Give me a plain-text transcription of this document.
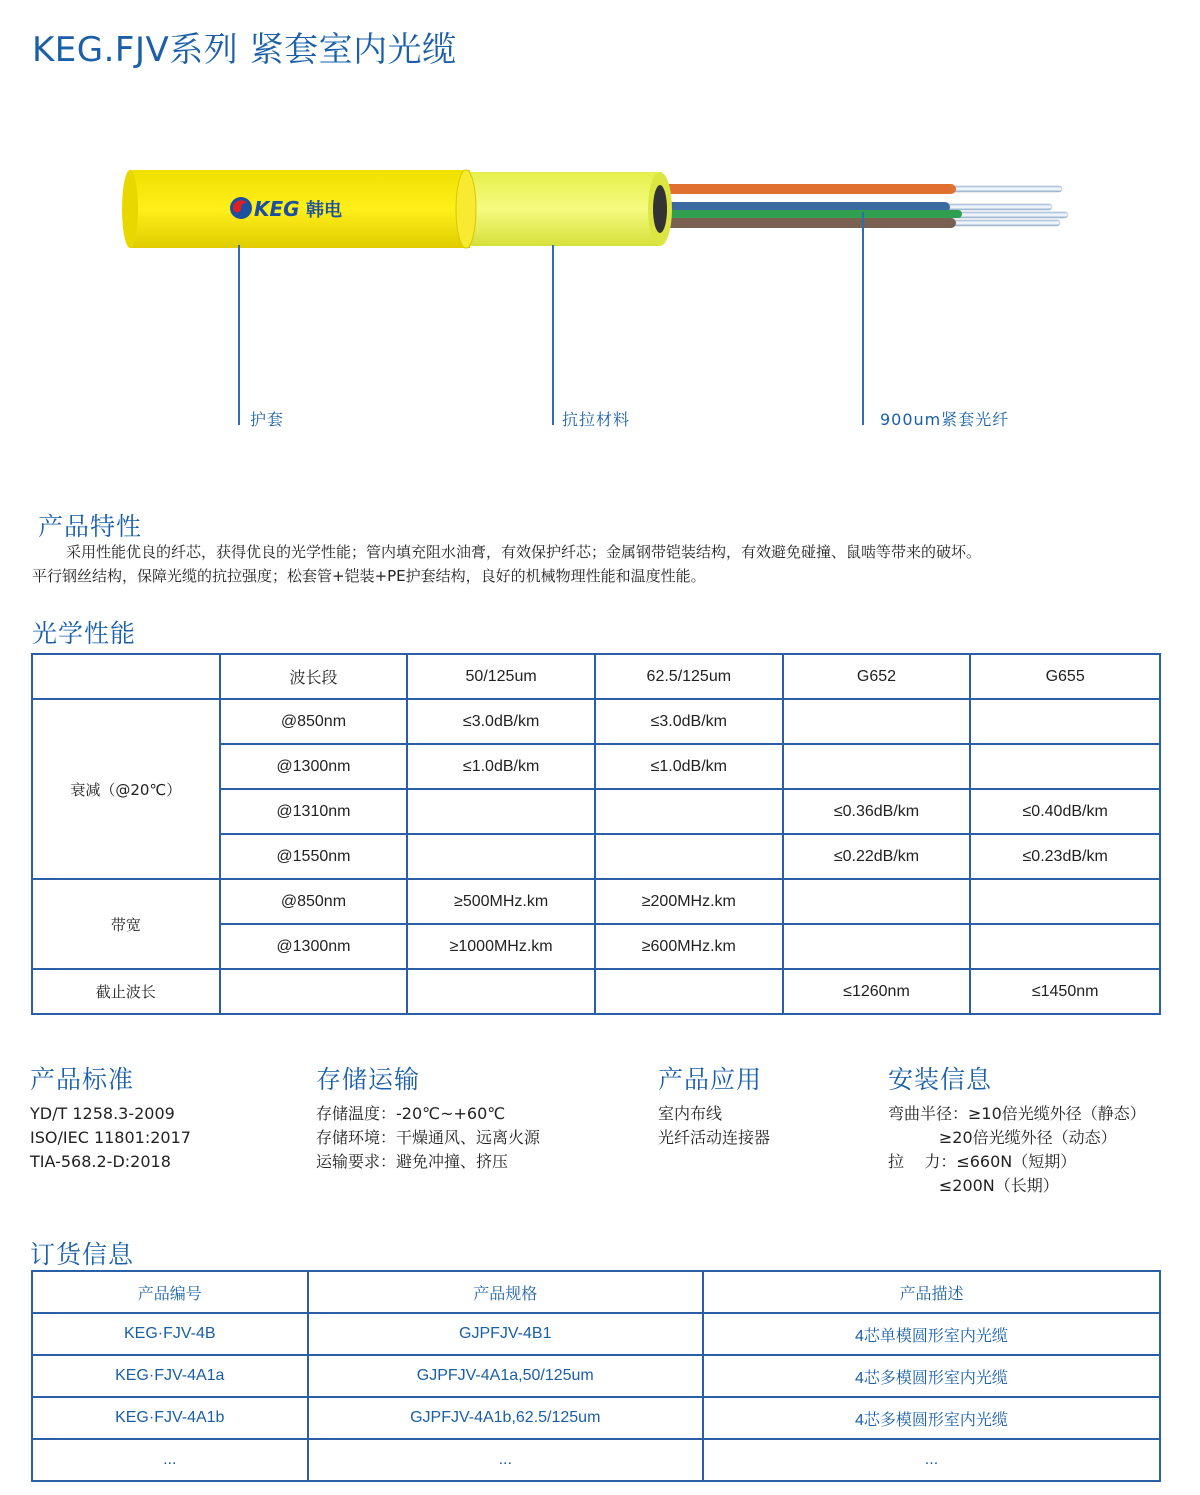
KEG.FJV系列 紧套室内光缆
KEG 韩电
护套	抗拉材料	900um紧套光纤
产品特性

采用性能优良的纤芯，获得优良的光学性能；管内填充阻水油膏，有效保护纤芯；金属钢带铠装结构，有效避免碰撞、鼠啮等带来的破坏。

平行钢丝结构，保障光缆的抗拉强度；松套管+铠装+PE护套结构，良好的机械物理性能和温度性能。

光学性能
	波长段	50/125um	62.5/125um	G652	G655
衰减（@20℃）	@850nm	≤3.0dB/km	≤3.0dB/km		
	@1300nm	≤1.0dB/km	≤1.0dB/km		
	@1310nm			≤0.36dB/km	≤0.40dB/km
	@1550nm			≤0.22dB/km	≤0.23dB/km
带宽	@850nm	≥500MHz.km	≥200MHz.km		
	@1300nm	≥1000MHz.km	≥600MHz.km		
截止波长				≤1260nm	≤1450nm
产品标准
YD/T 1258.3-2009
ISO/IEC 11801:2017
TIA-568.2-D:2018
存储运输
存储温度：-20℃~+60℃
存储环境：干燥通风、远离火源
运输要求：避免冲撞、挤压
产品应用
室内布线
光纤活动连接器
安装信息
弯曲半径：≥10倍光缆外径（静态）
≥20倍光缆外径（动态）
拉    力：≤660N（短期）
≤200N（长期）
订货信息
产品编号	产品规格	产品描述
KEG·FJV-4B	GJPFJV-4B1	4芯单模圆形室内光缆
KEG·FJV-4A1a	GJPFJV-4A1a,50/125um	4芯多模圆形室内光缆
KEG·FJV-4A1b	GJPFJV-4A1b,62.5/125um	4芯多模圆形室内光缆
...	...	...
